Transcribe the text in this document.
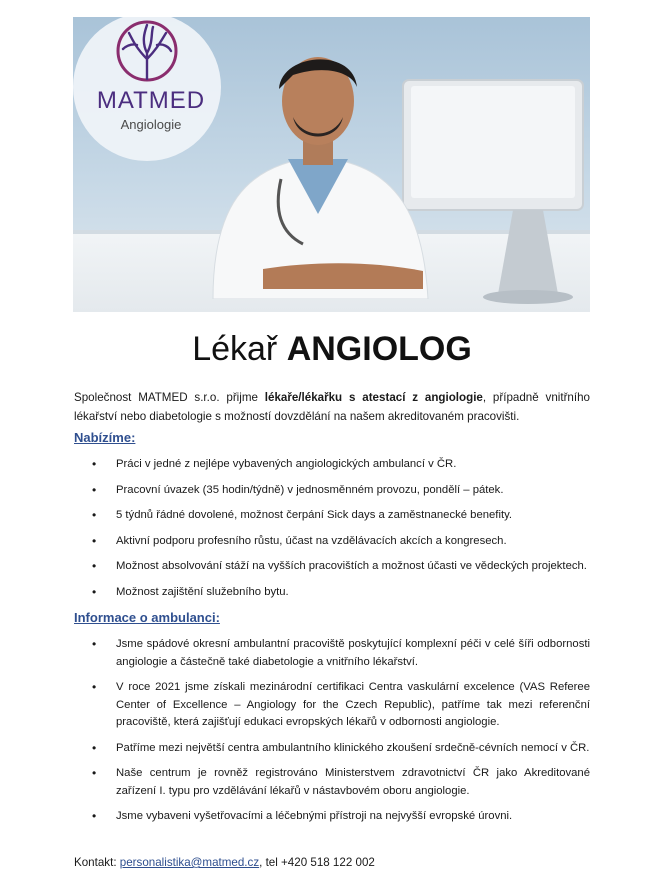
MATMED
Angiologie
Lékař ANGIOLOG
Společnost MATMED s.r.o. přijme lékaře/lékařku s atestací z angiologie, případně vnitřního lékařství nebo diabetologie s možností dovzdělání na našem akreditovaném pracovišti.
Nabízíme:
• Práci v jedné z nejlépe vybavených angiologických ambulancí v ČR.
• Pracovní úvazek (35 hodin/týdně) v jednosměnném provozu, pondělí – pátek.
• 5 týdnů řádné dovolené, možnost čerpání Sick days a zaměstnanecké benefity.
• Aktivní podporu profesního růstu, účast na vzdělávacích akcích a kongresech.
• Možnost absolvování stáží na vyšších pracovištích a možnost účasti ve vědeckých projektech.
• Možnost zajištění služebního bytu.
Informace o ambulanci:
• Jsme spádové okresní ambulantní pracoviště poskytující komplexní péči v celé šíři odbornosti angiologie a částečně také diabetologie a vnitřního lékařství.
• V roce 2021 jsme získali mezinárodní certifikaci Centra vaskulární excelence (VAS Referee Center of Excellence – Angiology for the Czech Republic), patříme tak mezi referenční pracoviště, která zajišťují edukaci evropských lékařů v odbornosti angiologie.
• Patříme mezi největší centra ambulantního klinického zkoušení srdečně-cévních nemocí v ČR.
• Naše centrum je rovněž registrováno Ministerstvem zdravotnictví ČR jako Akreditované zařízení I. typu pro vzdělávání lékařů v nástavbovém oboru angiologie.
• Jsme vybaveni vyšetřovacími a léčebnými přístroji na nejvyšší evropské úrovni.
Kontakt: personalistika@matmed.cz, tel +420 518 122 002
